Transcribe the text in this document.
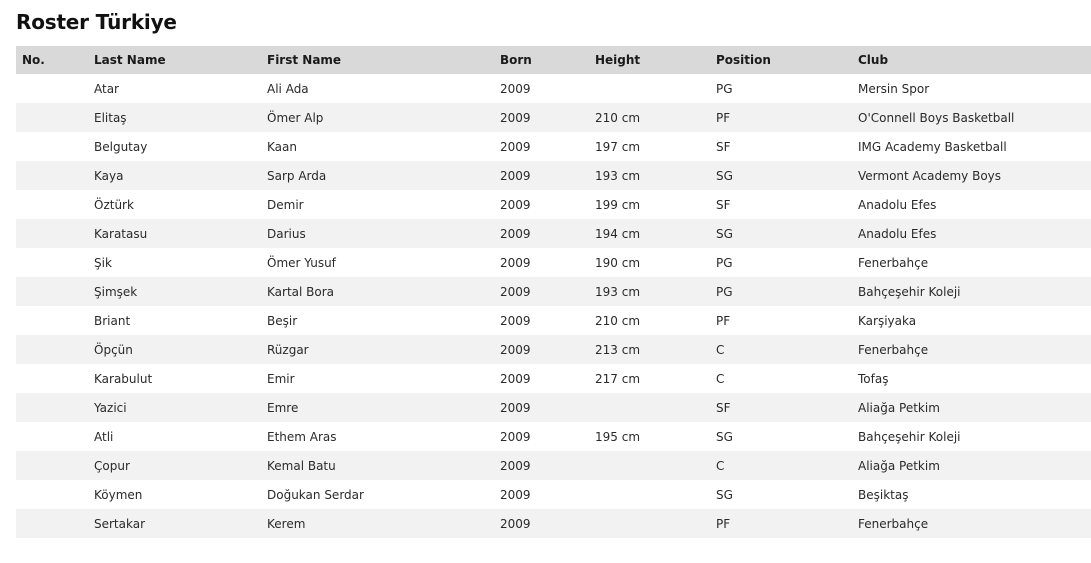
Roster Türkiye
No.	Last Name	First Name	Born	Height	Position	Club
	Atar	Ali Ada	2009		PG	Mersin Spor
	Elitaş	Ömer Alp	2009	210 cm	PF	O'Connell Boys Basketball
	Belgutay	Kaan	2009	197 cm	SF	IMG Academy Basketball
	Kaya	Sarp Arda	2009	193 cm	SG	Vermont Academy Boys
	Öztürk	Demir	2009	199 cm	SF	Anadolu Efes
	Karatasu	Darius	2009	194 cm	SG	Anadolu Efes
	Şik	Ömer Yusuf	2009	190 cm	PG	Fenerbahçe
	Şimşek	Kartal Bora	2009	193 cm	PG	Bahçeşehir Koleji
	Briant	Beşir	2009	210 cm	PF	Karşiyaka
	Öpçün	Rüzgar	2009	213 cm	C	Fenerbahçe
	Karabulut	Emir	2009	217 cm	C	Tofaş
	Yazici	Emre	2009		SF	Aliağa Petkim
	Atli	Ethem Aras	2009	195 cm	SG	Bahçeşehir Koleji
	Çopur	Kemal Batu	2009		C	Aliağa Petkim
	Köymen	Doğukan Serdar	2009		SG	Beşiktaş
	Sertakar	Kerem	2009		PF	Fenerbahçe
